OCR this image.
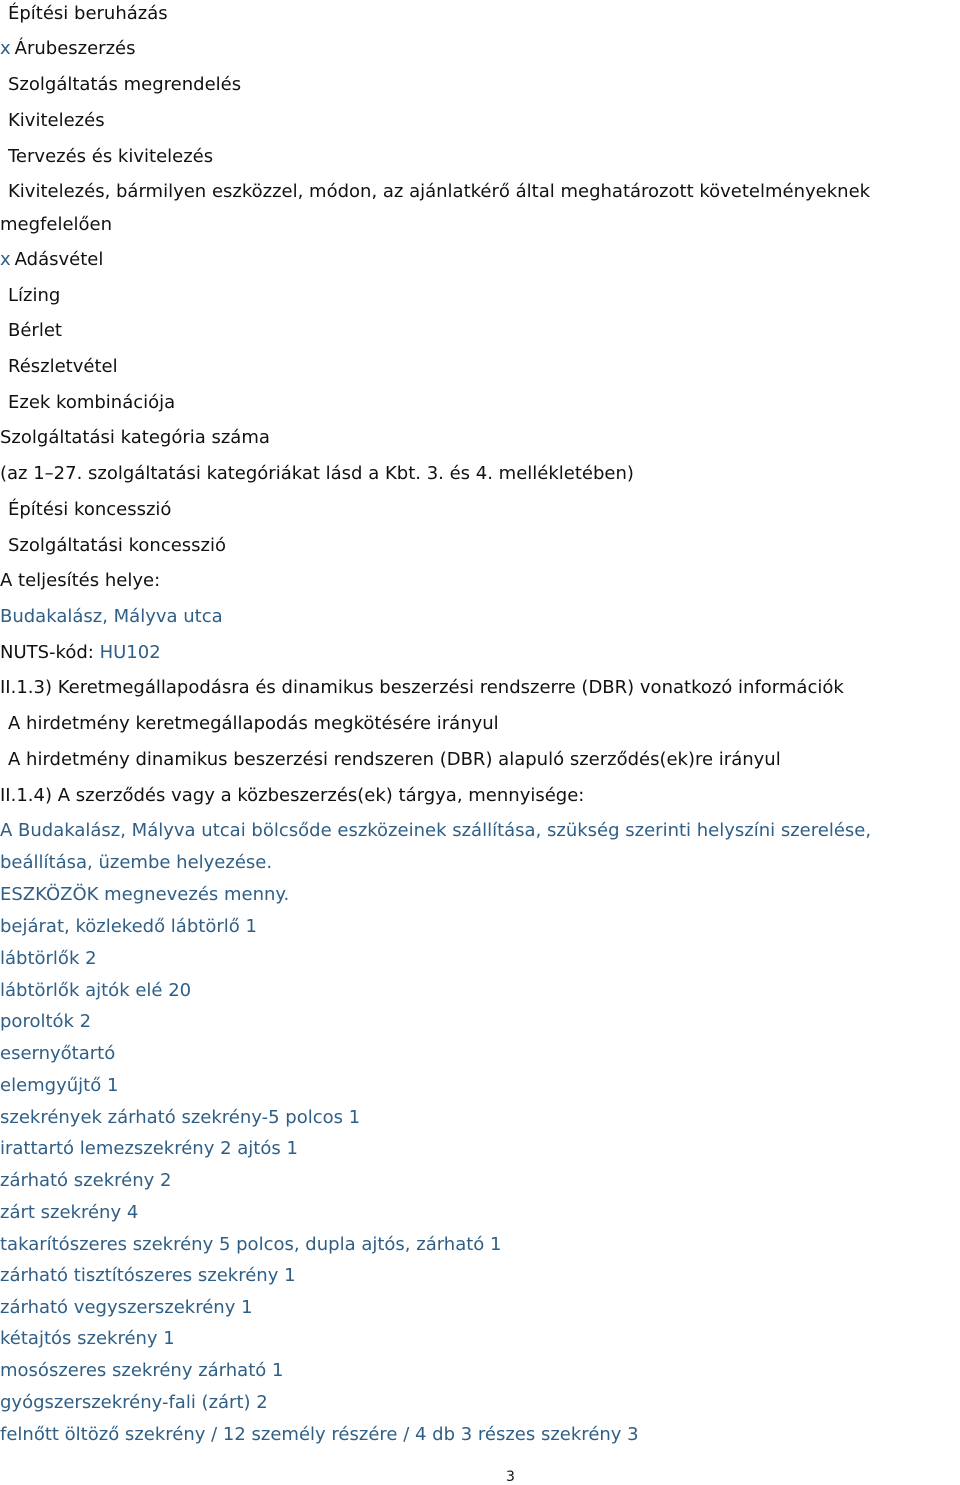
Építési beruházás
x Árubeszerzés
Szolgáltatás megrendelés
Kivitelezés
Tervezés és kivitelezés
Kivitelezés, bármilyen eszközzel, módon, az ajánlatkérő által meghatározott követelményeknek
megfelelően
x Adásvétel
Lízing
Bérlet
Részletvétel
Ezek kombinációja
Szolgáltatási kategória száma
(az 1–27. szolgáltatási kategóriákat lásd a Kbt. 3. és 4. mellékletében)
Építési koncesszió
Szolgáltatási koncesszió
A teljesítés helye:
Budakalász, Mályva utca
NUTS-kód: HU102
II.1.3) Keretmegállapodásra és dinamikus beszerzési rendszerre (DBR) vonatkozó információk
A hirdetmény keretmegállapodás megkötésére irányul
A hirdetmény dinamikus beszerzési rendszeren (DBR) alapuló szerződés(ek)re irányul
II.1.4) A szerződés vagy a közbeszerzés(ek) tárgya, mennyisége:
A Budakalász, Mályva utcai bölcsőde eszközeinek szállítása, szükség szerinti helyszíni szerelése,
beállítása, üzembe helyezése.
ESZKÖZÖK megnevezés menny.
bejárat, közlekedő lábtörlő 1
lábtörlők 2
lábtörlők ajtók elé 20
poroltók 2
esernyőtartó
elemgyűjtő 1
szekrények zárható szekrény-5 polcos 1
irattartó lemezszekrény 2 ajtós 1
zárható szekrény 2
zárt szekrény 4
takarítószeres szekrény 5 polcos, dupla ajtós, zárható 1
zárható tisztítószeres szekrény 1
zárható vegyszerszekrény 1
kétajtós szekrény 1
mosószeres szekrény zárható 1
gyógszerszekrény-fali (zárt) 2
felnőtt öltöző szekrény / 12 személy részére / 4 db 3 részes szekrény 3
3
